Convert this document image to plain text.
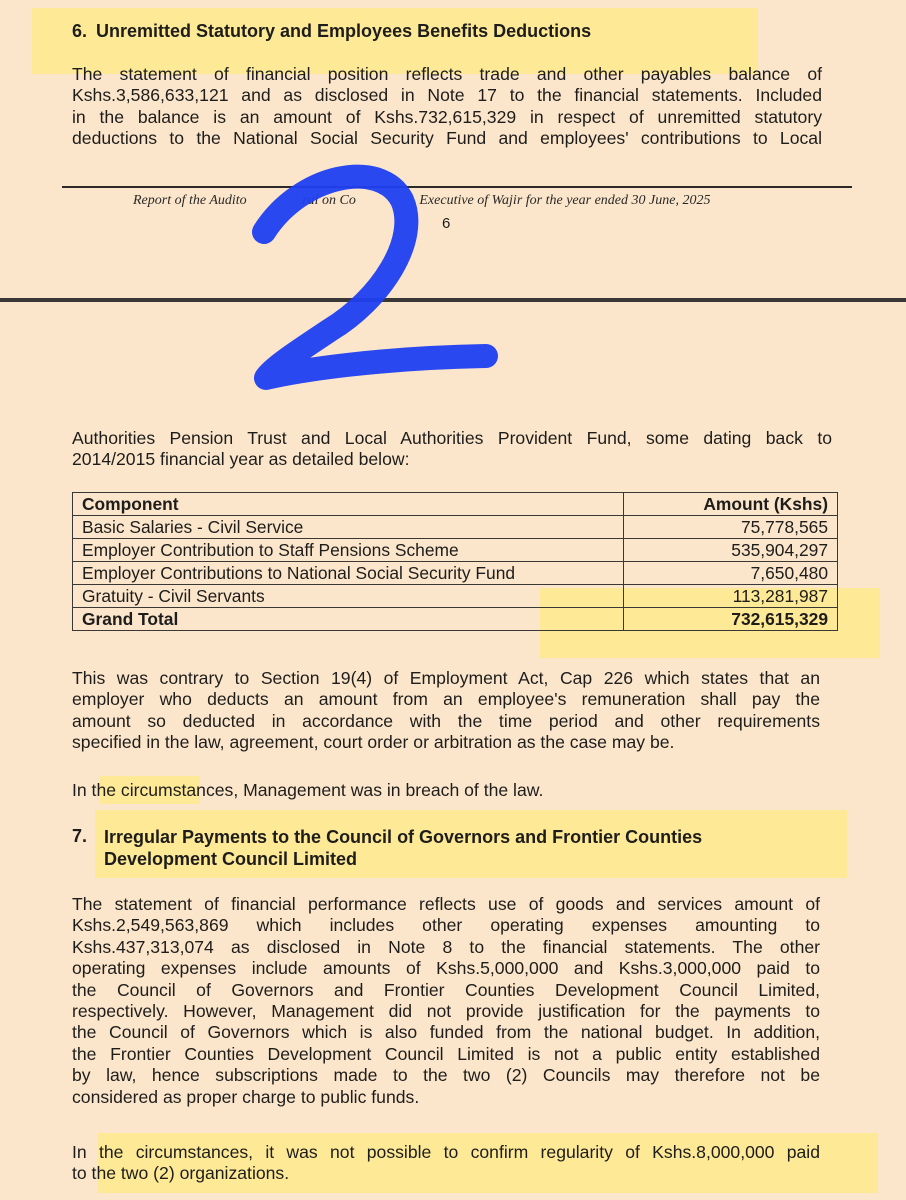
6. Unremitted Statutory and Employees Benefits Deductions
The statement of financial position reflects trade and other payables balance of
Kshs.3,586,633,121 and as disclosed in Note 17 to the financial statements. Included
in the balance is an amount of Kshs.732,615,329 in respect of unremitted statutory
deductions to the National Social Security Fund and employees' contributions to Local
Report of the Audito	ral on Co	Executive of Wajir for the year ended 30 June, 2025
6
Authorities Pension Trust and Local Authorities Provident Fund, some dating back to
2014/2015 financial year as detailed below:
Component	Amount (Kshs)
Basic Salaries - Civil Service	75,778,565
Employer Contribution to Staff Pensions Scheme	535,904,297
Employer Contributions to National Social Security Fund	7,650,480
Gratuity - Civil Servants	113,281,987
Grand Total	732,615,329
This was contrary to Section 19(4) of Employment Act, Cap 226 which states that an
employer who deducts an amount from an employee's remuneration shall pay the
amount so deducted in accordance with the time period and other requirements
specified in the law, agreement, court order or arbitration as the case may be.
In the circumstances, Management was in breach of the law.
7. Irregular Payments to the Council of Governors and Frontier Counties
Development Council Limited
The statement of financial performance reflects use of goods and services amount of
Kshs.2,549,563,869 which includes other operating expenses amounting to
Kshs.437,313,074 as disclosed in Note 8 to the financial statements. The other
operating expenses include amounts of Kshs.5,000,000 and Kshs.3,000,000 paid to
the Council of Governors and Frontier Counties Development Council Limited,
respectively. However, Management did not provide justification for the payments to
the Council of Governors which is also funded from the national budget. In addition,
the Frontier Counties Development Council Limited is not a public entity established
by law, hence subscriptions made to the two (2) Councils may therefore not be
considered as proper charge to public funds.
In the circumstances, it was not possible to confirm regularity of Kshs.8,000,000 paid
to the two (2) organizations.
